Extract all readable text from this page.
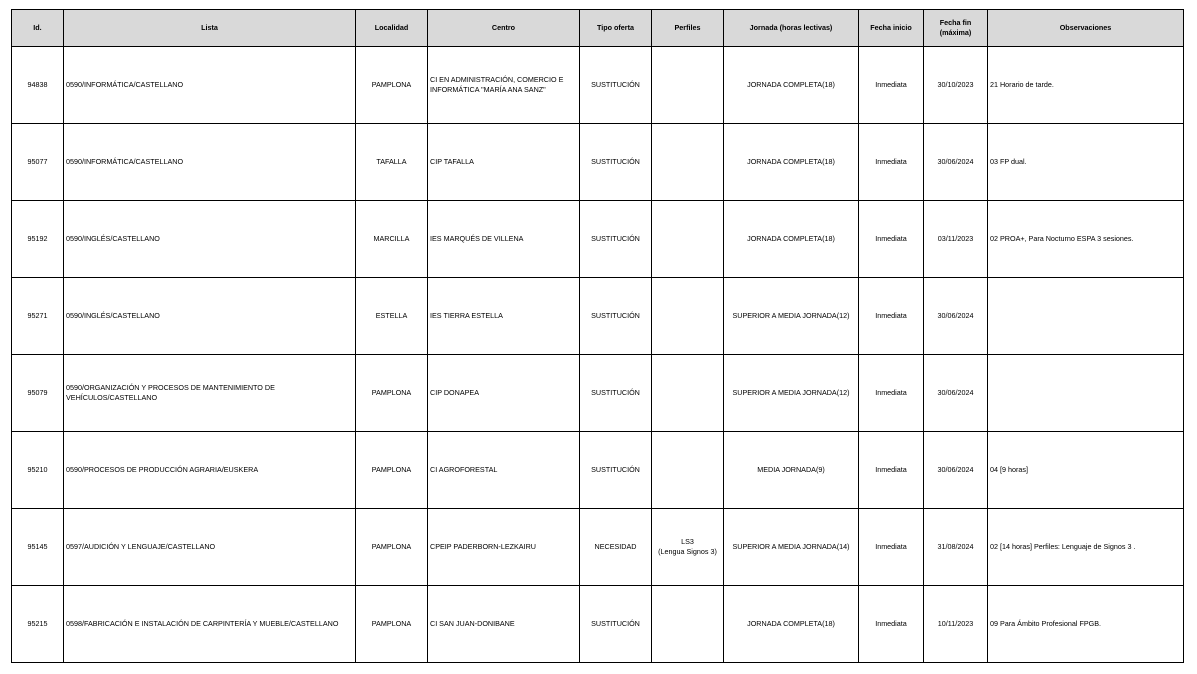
Id.	Lista	Localidad	Centro	Tipo oferta	Perfiles	Jornada (horas lectivas)	Fecha inicio	Fecha fin
(máxima)	Observaciones
94838	0590/INFORMÁTICA/CASTELLANO	PAMPLONA	CI EN ADMINISTRACIÓN, COMERCIO E INFORMÁTICA "MARÍA ANA SANZ"	SUSTITUCIÓN		JORNADA COMPLETA(18)	Inmediata	30/10/2023	21 Horario de tarde.
95077	0590/INFORMÁTICA/CASTELLANO	TAFALLA	CIP TAFALLA	SUSTITUCIÓN		JORNADA COMPLETA(18)	Inmediata	30/06/2024	03 FP dual.
95192	0590/INGLÉS/CASTELLANO	MARCILLA	IES MARQUÉS DE VILLENA	SUSTITUCIÓN		JORNADA COMPLETA(18)	Inmediata	03/11/2023	02 PROA+, Para Nocturno ESPA 3 sesiones.
95271	0590/INGLÉS/CASTELLANO	ESTELLA	IES TIERRA ESTELLA	SUSTITUCIÓN		SUPERIOR A MEDIA JORNADA(12)	Inmediata	30/06/2024	
95079	0590/ORGANIZACIÓN Y PROCESOS DE MANTENIMIENTO DE VEHÍCULOS/CASTELLANO	PAMPLONA	CIP DONAPEA	SUSTITUCIÓN		SUPERIOR A MEDIA JORNADA(12)	Inmediata	30/06/2024	
95210	0590/PROCESOS DE PRODUCCIÓN AGRARIA/EUSKERA	PAMPLONA	CI AGROFORESTAL	SUSTITUCIÓN		MEDIA JORNADA(9)	Inmediata	30/06/2024	04 [9 horas]
95145	0597/AUDICIÓN Y LENGUAJE/CASTELLANO	PAMPLONA	CPEIP PADERBORN-LEZKAIRU	NECESIDAD	LS3
(Lengua Signos 3)	SUPERIOR A MEDIA JORNADA(14)	Inmediata	31/08/2024	02 [14 horas] Perfiles: Lenguaje de Signos 3 .
95215	0598/FABRICACIÓN E INSTALACIÓN DE CARPINTERÍA Y MUEBLE/CASTELLANO	PAMPLONA	CI SAN JUAN-DONIBANE	SUSTITUCIÓN		JORNADA COMPLETA(18)	Inmediata	10/11/2023	09 Para Ámbito Profesional FPGB.
